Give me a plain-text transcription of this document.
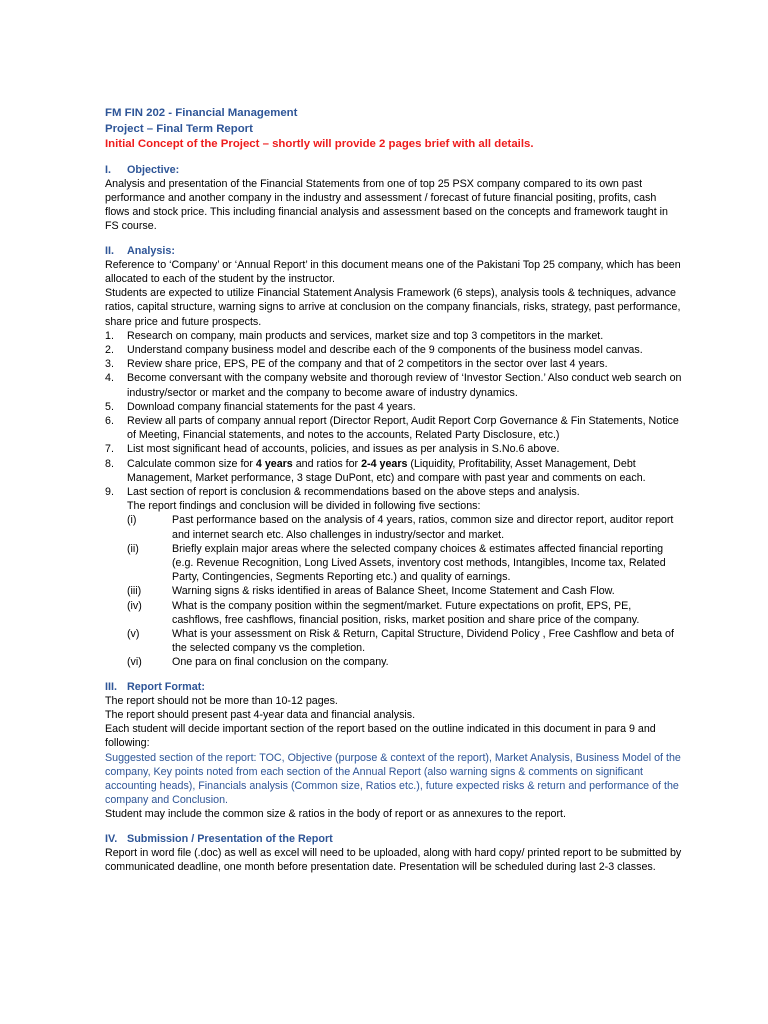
FM FIN 202 - Financial Management
Project – Final Term Report
Initial Concept of the Project – shortly will provide 2 pages brief with all details.
I. Objective:
Analysis and presentation of the Financial Statements from one of top 25 PSX company compared to its own past performance and another company in the industry and assessment / forecast of future financial positing, profits, cash flows and stock price. This including financial analysis and assessment based on the concepts and framework taught in FS course.
II. Analysis:
Reference to ‘Company’ or ‘Annual Report’ in this document means one of the Pakistani Top 25 company, which has been allocated to each of the student by the instructor.
Students are expected to utilize Financial Statement Analysis Framework (6 steps), analysis tools & techniques, advance ratios, capital structure, warning signs to arrive at conclusion on the company financials, risks, strategy, past performance, share price and future prospects.
1. Research on company, main products and services, market size and top 3 competitors in the market.
2. Understand company business model and describe each of the 9 components of the business model canvas.
3. Review share price, EPS, PE of the company and that of 2 competitors in the sector over last 4 years.
4. Become conversant with the company website and thorough review of ‘Investor Section.’ Also conduct web search on industry/sector or market and the company to become aware of industry dynamics.
5. Download company financial statements for the past 4 years.
6. Review all parts of company annual report (Director Report, Audit Report Corp Governance & Fin Statements, Notice of Meeting, Financial statements, and notes to the accounts, Related Party Disclosure, etc.)
7. List most significant head of accounts, policies, and issues as per analysis in S.No.6 above.
8. Calculate common size for 4 years and ratios for 2-4 years (Liquidity, Profitability, Asset Management, Debt Management, Market performance, 3 stage DuPont, etc) and compare with past year and comments on each.
9. Last section of report is conclusion & recommendations based on the above steps and analysis.
The report findings and conclusion will be divided in following five sections:
(i)	Past performance based on the analysis of 4 years, ratios, common size and director report, auditor report and internet search etc. Also challenges in industry/sector and market.
(ii)	Briefly explain major areas where the selected company choices & estimates affected financial reporting (e.g. Revenue Recognition, Long Lived Assets, inventory cost methods, Intangibles, Income tax, Related Party, Contingencies, Segments Reporting etc.) and quality of earnings.
(iii)	Warning signs & risks identified in areas of Balance Sheet, Income Statement and Cash Flow.
(iv)	What is the company position within the segment/market. Future expectations on profit, EPS, PE, cashflows, free cashflows, financial position, risks, market position and share price of the company.
(v)	What is your assessment on Risk & Return, Capital Structure, Dividend Policy , Free Cashflow and beta of the selected company vs the completion.
(vi)	One para on final conclusion on the company.
III. Report Format:
The report should not be more than 10-12 pages.
The report should present past 4-year data and financial analysis.
Each student will decide important section of the report based on the outline indicated in this document in para 9 and following:
Suggested section of the report: TOC, Objective (purpose & context of the report), Market Analysis, Business Model of the company, Key points noted from each section of the Annual Report (also warning signs & comments on significant accounting heads), Financials analysis (Common size, Ratios etc.), future expected risks & return and performance of the company and Conclusion.
Student may include the common size & ratios in the body of report or as annexures to the report.
IV. Submission / Presentation of the Report
Report in word file (.doc) as well as excel will need to be uploaded, along with hard copy/ printed report to be submitted by communicated deadline, one month before presentation date. Presentation will be scheduled during last 2-3 classes.
